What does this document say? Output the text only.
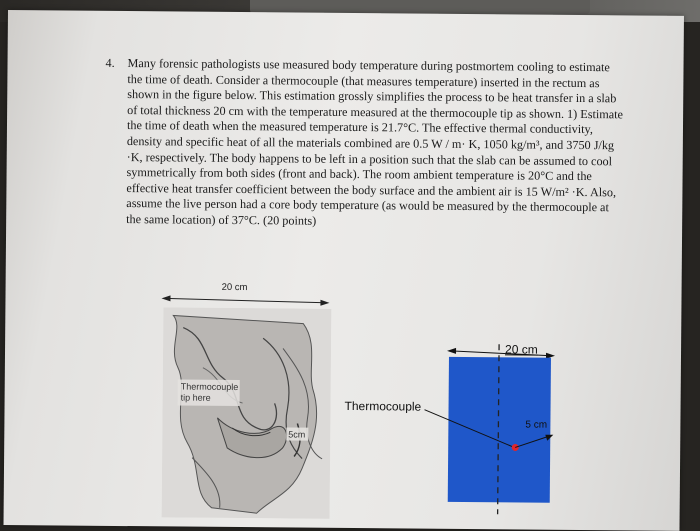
4. Many forensic pathologists use measured body temperature during postmortem cooling to estimate the time of death. Consider a thermocouple (that measures temperature) inserted in the rectum as shown in the figure below. This estimation grossly simplifies the process to be heat transfer in a slab of total thickness 20 cm with the temperature measured at the thermocouple tip as shown. 1) Estimate the time of death when the measured temperature is 21.7°C. The effective thermal conductivity, density and specific heat of all the materials combined are 0.5 W / m· K, 1050 kg/m³, and 3750 J/kg ·K, respectively. The body happens to be left in a position such that the slab can be assumed to cool symmetrically from both sides (front and back). The room ambient temperature is 20°C and the effective heat transfer coefficient between the body surface and the ambient air is 15 W/m² ·K. Also, assume the live person had a core body temperature (as would be measured by the thermocouple at the same location) of 37°C. (20 points)

20 cm
Thermocouple
tip here
5cm
Thermocouple
20 cm
5 cm
